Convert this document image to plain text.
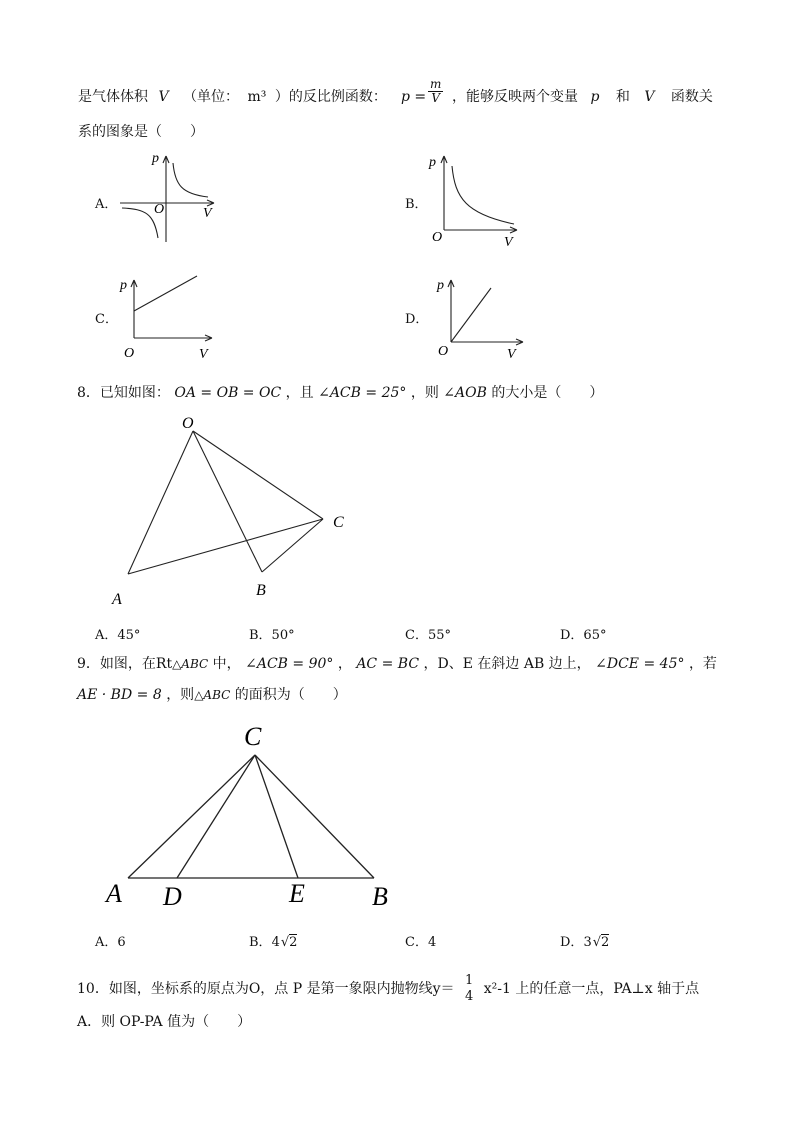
是气体体积 V （单位： m³ ）的反比例函数： $p = \frac{m}{V}$ ，能够反映两个变量 p 和 V 函数关
系的图象是（　　）
A．	B．
C．	D．
p
V
O
p
V
O
p
V
O
p
V
O
8．已知如图： OA = OB = OC ，且 ∠ACB = 25° ，则 ∠AOB 的大小是（　　）
O
A
B
C
A．45°	B．50°	C．55°	D．65°
9．如图，在Rt△ABC 中， ∠ACB = 90° ， AC = BC ，D、E 在斜边 AB 边上， ∠DCE = 45° ，若
AE · BD = 8 ，则△ABC 的面积为（　　）
C
A D	E	B
A．6	B．4√2	C．4	D．3√2
10．如图，坐标系的原点为O，点 P 是第一象限内抛物线y＝
1
4 x²-1 上的任意一点，PA⊥x 轴于点
A．则 OP-PA 值为（　　）
